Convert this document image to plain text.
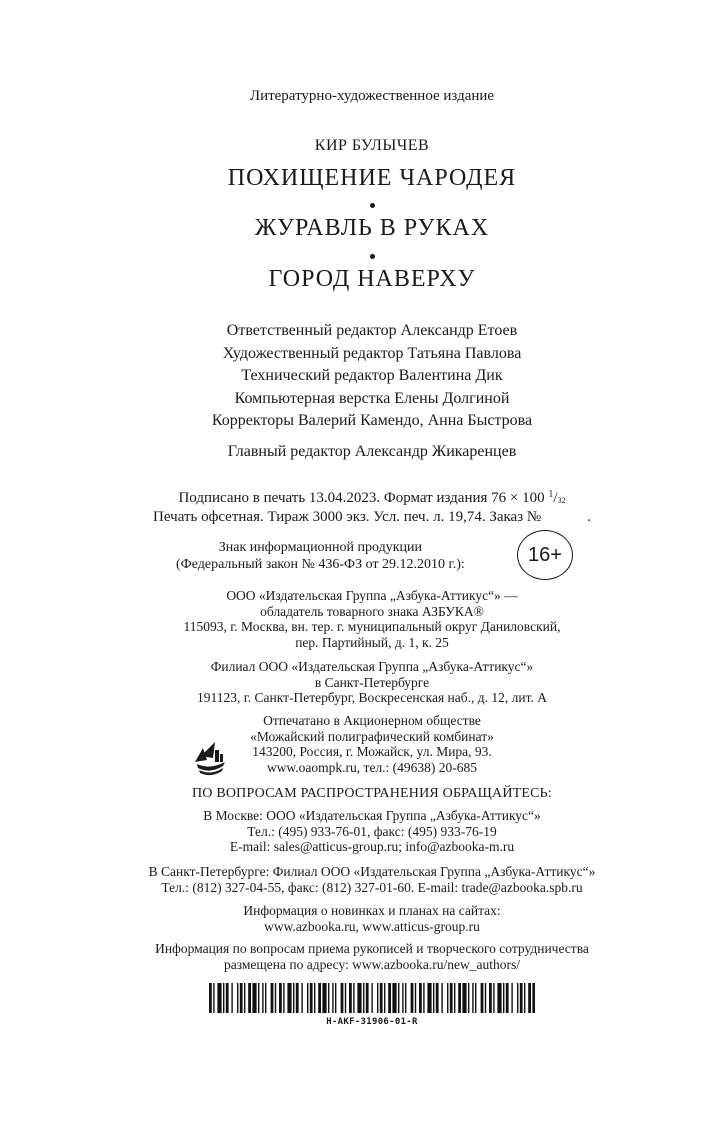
Литературно-художественное издание
КИР БУЛЫЧЕВ
ПОХИЩЕНИЕ ЧАРОДЕЯ
ЖУРАВЛЬ В РУКАХ
ГОРОД НАВЕРХУ
Ответственный редактор Александр Етоев
Художественный редактор Татьяна Павлова
Технический редактор Валентина Дик
Компьютерная верстка Елены Долгиной
Корректоры Валерий Камендо, Анна Быстрова
Главный редактор Александр Жикаренцев
Подписано в печать 13.04.2023. Формат издания 76 × 100 $^1/_{32}$
Печать офсетная. Тираж 3000 экз. Усл. печ. л. 19,74. Заказ №	.
Знак информационной продукции
(Федеральный закон № 436-ФЗ от 29.12.2010 г.):	16+
ООО «Издательская Группа „Азбука-Аттикус“» —
обладатель товарного знака АЗБУКА®
115093, г. Москва, вн. тер. г. муниципальный округ Даниловский,
пер. Партийный, д. 1, к. 25
Филиал ООО «Издательская Группа „Азбука-Аттикус“»
в Санкт-Петербурге
191123, г. Санкт-Петербург, Воскресенская наб., д. 12, лит. А
Отпечатано в Акционерном обществе
«Можайский полиграфический комбинат»
143200, Россия, г. Можайск, ул. Мира, 93.
www.oaompk.ru, тел.: (49638) 20-685
ПО ВОПРОСАМ РАСПРОСТРАНЕНИЯ ОБРАЩАЙТЕСЬ:
В Москве: ООО «Издательская Группа „Азбука-Аттикус“»
Тел.: (495) 933-76-01, факс: (495) 933-76-19
E-mail: sales@atticus-group.ru; info@azbooka-m.ru
В Санкт-Петербурге: Филиал ООО «Издательская Группа „Азбука-Аттикус“»
Тел.: (812) 327-04-55, факс: (812) 327-01-60. E-mail: trade@azbooka.spb.ru
Информация о новинках и планах на сайтах:
www.azbooka.ru, www.atticus-group.ru
Информация по вопросам приема рукописей и творческого сотрудничества
размещена по адресу: www.azbooka.ru/new_authors/
H-AKF-31906-01-R
